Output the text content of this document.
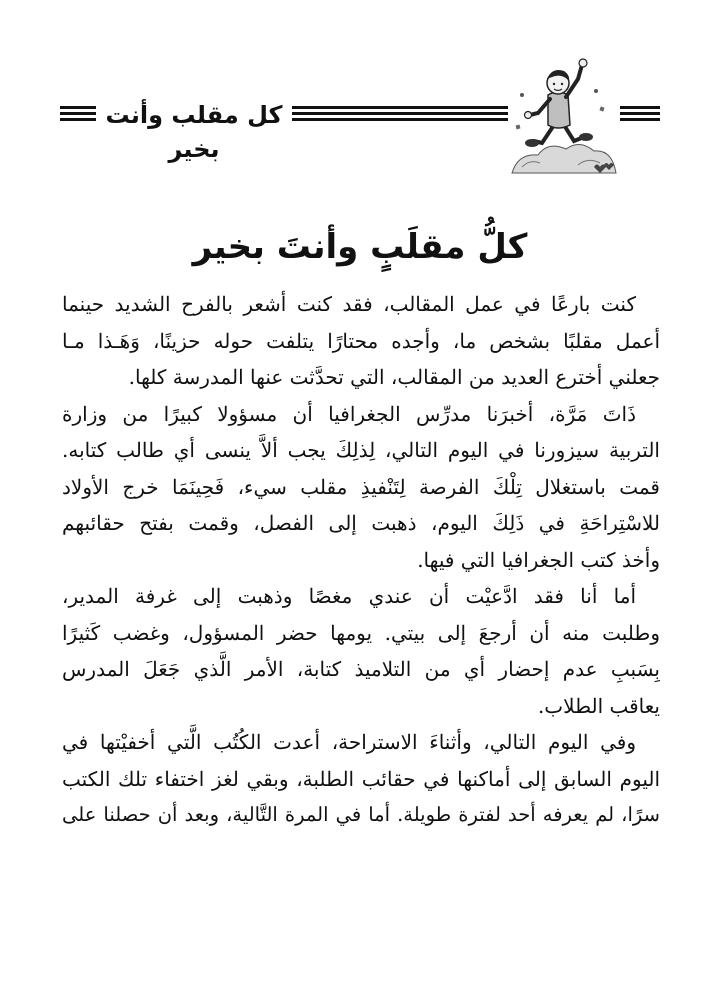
كل مقلب وأنت بخير
كلُّ مقلَبٍ وأنتَ بخير
كنت بارعًا في عمل المقالب، فقد كنت أشعر بالفرح الشديد حينما
أعمل مقلبًا بشخص ما، وأجده محتارًا يتلفت حوله حزينًا، وَهَـذا مـا
جعلني أخترع العديد من المقالب، التي تحدَّثت عنها المدرسة كلها.
ذَاتَ مَرَّة، أخبرَنا مدرِّس الجغرافيا أن مسؤولا كبيرًا من وزارة
التربية سيزورنا في اليوم التالي، لِذلِكَ يجب ألاَّ ينسى أي طالب كتابه.
قمت باستغلال تِلْكَ الفرصة لِتَنْفيذِ مقلب سيء، فَحِينَمَا خرج الأولاد
للاسْتِراحَةِ في ذَلِكَ اليوم، ذهبت إلى الفصل، وقمت بفتح حقائبهم
وأخذ كتب الجغرافيا التي فيها.
أما أنا فقد ادَّعيْت أن عندي مغصًا وذهبت إلى غرفة المدير،
وطلبت منه أن أرجعَ إلى بيتي. يومها حضر المسؤول، وغضب كَثيرًا
بِسَببِ عدم إحضار أي من التلاميذ كتابة، الأمر الَّذي جَعَلَ المدرس
يعاقب الطلاب.
وفي اليوم التالي، وأثناءَ الاستراحة، أعدت الكُتُب الَّتي أخفيْتها في
اليوم السابق إلى أماكنها في حقائب الطلبة، وبقي لغز اختفاء تلك الكتب
سرًا، لم يعرفه أحد لفترة طويلة. أما في المرة التَّالية، وبعد أن حصلنا على
